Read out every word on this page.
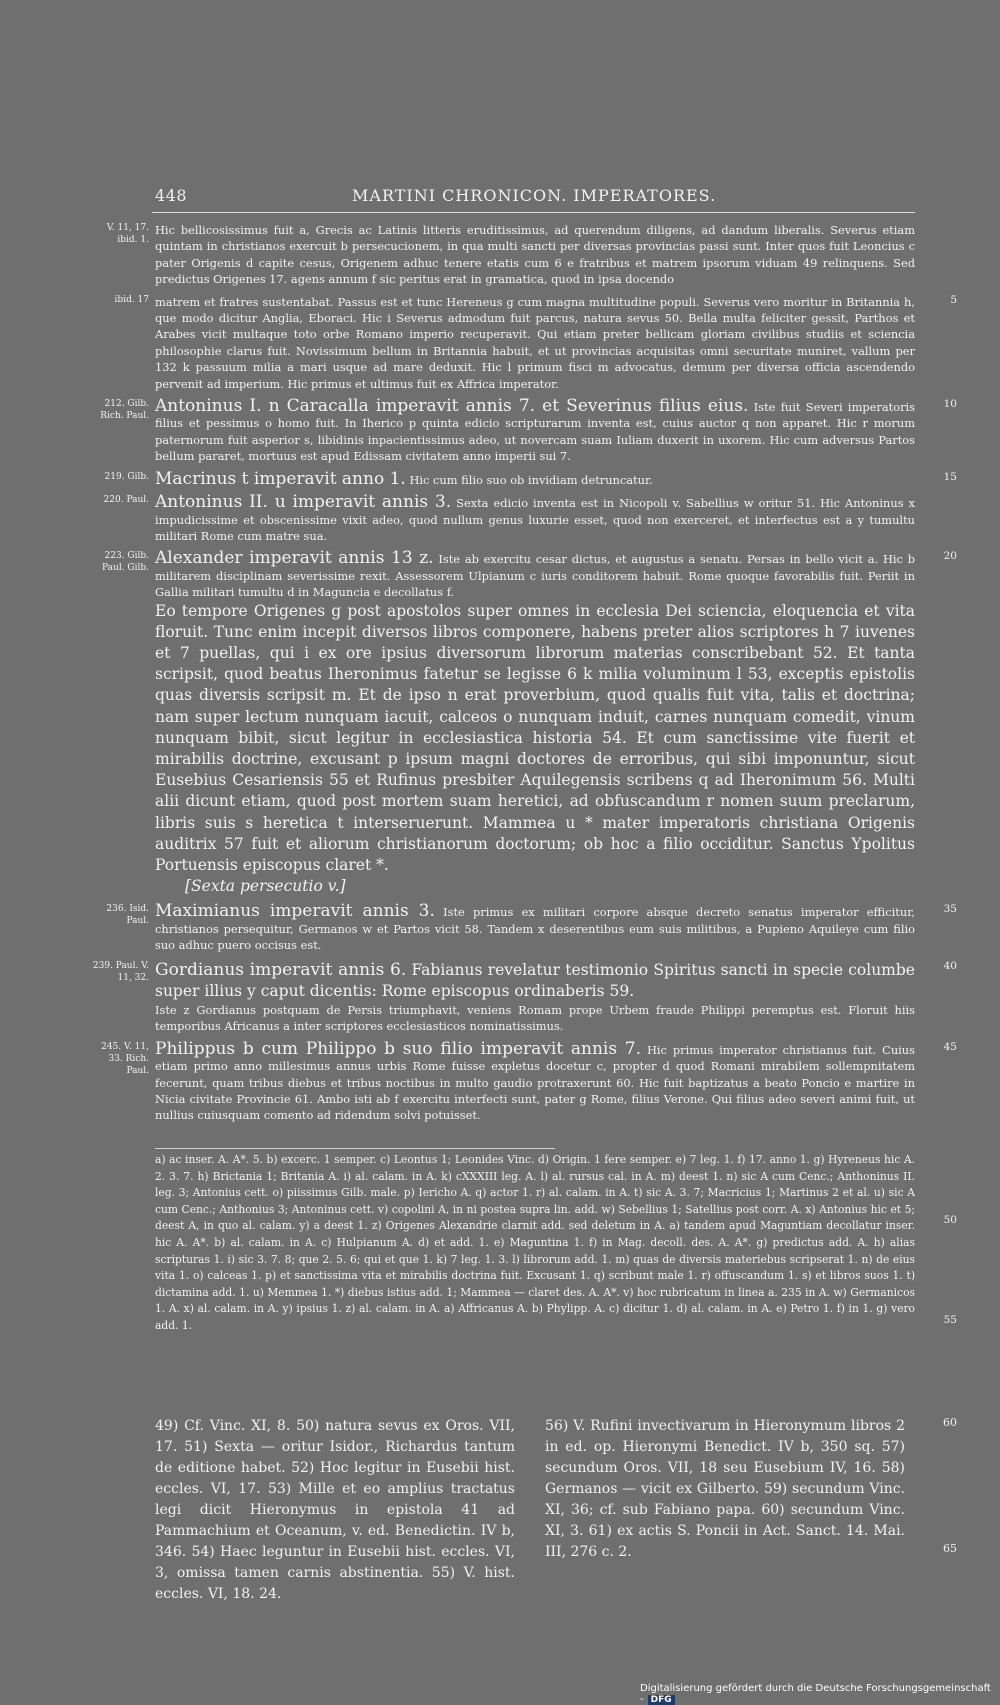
448	MARTINI CHRONICON. IMPERATORES.
V. 11, 17. ibid. 1.
Hic bellicosissimus fuit a, Grecis ac Latinis litteris eruditissimus, ad querendum diligens, ad dandum liberalis. Severus etiam quintam in christianos exercuit b persecucionem, in qua multi sancti per diversas provincias passi sunt. Inter quos fuit Leoncius c pater Origenis d capite cesus, Origenem adhuc tenere etatis cum 6 e fratribus et matrem ipsorum viduam 49 relinquens. Sed predictus Origenes 17. agens annum f sic peritus erat in gramatica, quod in ipsa docendo
ibid. 17	5
matrem et fratres sustentabat. Passus est et tunc Hereneus g cum magna multitudine populi. Severus vero moritur in Britannia h, que modo dicitur Anglia, Eboraci. Hic i Severus admodum fuit parcus, natura sevus 50. Bella multa feliciter gessit, Parthos et Arabes vicit multaque toto orbe Romano imperio recuperavit. Qui etiam preter bellicam gloriam civilibus studiis et sciencia philosophie clarus fuit. Novissimum bellum in Britannia habuit, et ut provincias acquisitas omni securitate muniret, vallum per 132 k passuum milia a mari usque ad mare deduxit. Hic l primum fisci m advocatus, demum per diversa officia ascendendo pervenit ad imperium. Hic primus et ultimus fuit ex Affrica imperator.
212. Gilb. Rich. Paul.
10
Antoninus I. n Caracalla imperavit annis 7. et Severinus filius eius. Iste fuit Severi imperatoris filius et pessimus o homo fuit. In Iherico p quinta edicio scripturarum inventa est, cuius auctor q non apparet. Hic r morum paternorum fuit asperior s, libidinis inpacientissimus adeo, ut novercam suam Iuliam duxerit in uxorem. Hic cum adversus Partos bellum pararet, mortuus est apud Edissam civitatem anno imperii sui 7.
219. Gilb.	15
Macrinus t imperavit anno 1. Hic cum filio suo ob invidiam detruncatur.
220. Paul. Antoninus II. u imperavit annis 3. Sexta edicio inventa est in Nicopoli v. Sabellius w oritur 51. Hic Antoninus x impudicissime et obscenissime vixit adeo, quod nullum genus luxurie esset, quod non exerceret, et interfectus est a y tumultu militari Rome cum matre sua.
223. Gilb. Paul. Gilb.
20
Alexander imperavit annis 13 z. Iste ab exercitu cesar dictus, et augustus a senatu. Persas in bello vicit a. Hic b militarem disciplinam severissime rexit. Assessorem Ulpianum c iuris conditorem habuit. Rome quoque favorabilis fuit. Periit in Gallia militari tumultu d in Maguncia e decollatus f.
Eo tempore Origenes g post apostolos super omnes in ecclesia Dei sciencia, eloquencia et vita floruit. Tunc enim incepit diversos libros componere, habens preter alios scriptores h 7 iuvenes et 7 puellas, qui i ex ore ipsius diversorum librorum materias conscribebant 52. Et tanta scripsit, quod beatus Iheronimus fatetur se legisse 6 k milia voluminum l 53, exceptis epistolis quas diversis scripsit m. Et de ipso n erat proverbium, quod qualis fuit vita, talis et doctrina; nam super lectum nunquam iacuit, calceos o nunquam induit, carnes nunquam comedit, vinum nunquam bibit, sicut legitur in ecclesiastica historia 54. Et cum sanctissime vite fuerit et mirabilis doctrine, excusant p ipsum magni doctores de erroribus, qui sibi imponuntur, sicut Eusebius Cesariensis 55 et Rufinus presbiter Aquilegensis scribens q ad Iheronimum 56. Multi alii dicunt etiam, quod post mortem suam heretici, ad obfuscandum r nomen suum preclarum, libris suis s heretica t interseruerunt. Mammea u * mater imperatoris christiana Origenis auditrix 57 fuit et aliorum christianorum doctorum; ob hoc a filio occiditur. Sanctus Ypolitus Portuensis episcopus claret *.
[Sexta persecutio v.]
236. Isid. Paul.
35
Maximianus imperavit annis 3. Iste primus ex militari corpore absque decreto senatus imperator efficitur, christianos persequitur, Germanos w et Partos vicit 58. Tandem x deserentibus eum suis militibus, a Pupieno Aquileye cum filio suo adhuc puero occisus est.
239. Paul. V. 11, 32.
40
Gordianus imperavit annis 6. Fabianus revelatur testimonio Spiritus sancti in specie columbe super illius y caput dicentis: Rome episcopus ordinaberis 59.
Iste z Gordianus postquam de Persis triumphavit, veniens Romam prope Urbem fraude Philippi peremptus est. Floruit hiis temporibus Africanus a inter scriptores ecclesiasticos nominatissimus.
245. V. 11, 33. Rich. Paul.
45
Philippus b cum Philippo b suo filio imperavit annis 7. Hic primus imperator christianus fuit. Cuius etiam primo anno millesimus annus urbis Rome fuisse expletus docetur c, propter d quod Romani mirabilem sollempnitatem fecerunt, quam tribus diebus et tribus noctibus in multo gaudio protraxerunt 60. Hic fuit baptizatus a beato Poncio e martire in Nicia civitate Provincie 61. Ambo isti ab f exercitu interfecti sunt, pater g Rome, filius Verone. Qui filius adeo severi animi fuit, ut nullius cuiusquam comento ad ridendum solvi potuisset.
50
55
a) ac inser. A. A*. 5. b) excerc. 1 semper. c) Leontus 1; Leonides Vinc. d) Origin. 1 fere semper. e) 7 leg. 1. f) 17. anno 1. g) Hyreneus hic A. 2. 3. 7. h) Brictania 1; Britania A. i) al. calam. in A. k) cXXXIII leg. A. l) al. rursus cal. in A. m) deest 1. n) sic A cum Cenc.; Anthoninus II. leg. 3; Antonius cett. o) piissimus Gilb. male. p) Iericho A. q) actor 1. r) al. calam. in A. t) sic A. 3. 7; Macricius 1; Martinus 2 et al. u) sic A cum Cenc.; Anthonius 3; Antoninus cett. v) copolini A, in ni postea supra lin. add. w) Sebellius 1; Satellius post corr. A. x) Antonius hic et 5; deest A, in quo al. calam. y) a deest 1. z) Origenes Alexandrie clarnit add. sed deletum in A. a) tandem apud Maguntiam decollatur inser. hic A. A*. b) al. calam. in A. c) Hulpianum A. d) et add. 1. e) Maguntina 1. f) in Mag. decoll. des. A. A*. g) predictus add. A. h) alias scripturas 1. i) sic 3. 7. 8; que 2. 5. 6; qui et que 1. k) 7 leg. 1. 3. l) librorum add. 1. m) quas de diversis materiebus scripserat 1. n) de eius vita 1. o) calceas 1. p) et sanctissima vita et mirabilis doctrina fuit. Excusant 1. q) scribunt male 1. r) offuscandum 1. s) et libros suos 1. t) dictamina add. 1. u) Memmea 1. *) diebus istius add. 1; Mammea — claret des. A. A*. v) hoc rubricatum in linea a. 235 in A. w) Germanicos 1. A. x) al. calam. in A. y) ipsius 1. z) al. calam. in A. a) Affricanus A. b) Phylipp. A. c) dicitur 1. d) al. calam. in A. e) Petro 1. f) in 1. g) vero add. 1.
49) Cf. Vinc. XI, 8. 50) natura sevus ex Oros. VII, 17. 51) Sexta — oritur Isidor., Richardus tantum de editione habet. 52) Hoc legitur in Eusebii hist. eccles. VI, 17. 53) Mille et eo amplius tractatus legi dicit Hieronymus in epistola 41 ad Pammachium et Oceanum, v. ed. Benedictin. IV b, 346. 54) Haec leguntur in Eusebii hist. eccles. VI, 3, omissa tamen carnis abstinentia. 55) V. hist. eccles. VI, 18. 24.
56) V. Rufini invectivarum in Hieronymum libros 2 in ed. op. Hieronymi Benedict. IV b, 350 sq. 57) secundum Oros. VII, 18 seu Eusebium IV, 16. 58) Germanos — vicit ex Gilberto. 59) secundum Vinc. XI, 36; cf. sub Fabiano papa. 60) secundum Vinc. XI, 3. 61) ex actis S. Poncii in Act. Sanct. 14. Mai. III, 276 c. 2.
60
65
Digitalisierung gefördert durch die Deutsche Forschungsgemeinschaft - DFG
